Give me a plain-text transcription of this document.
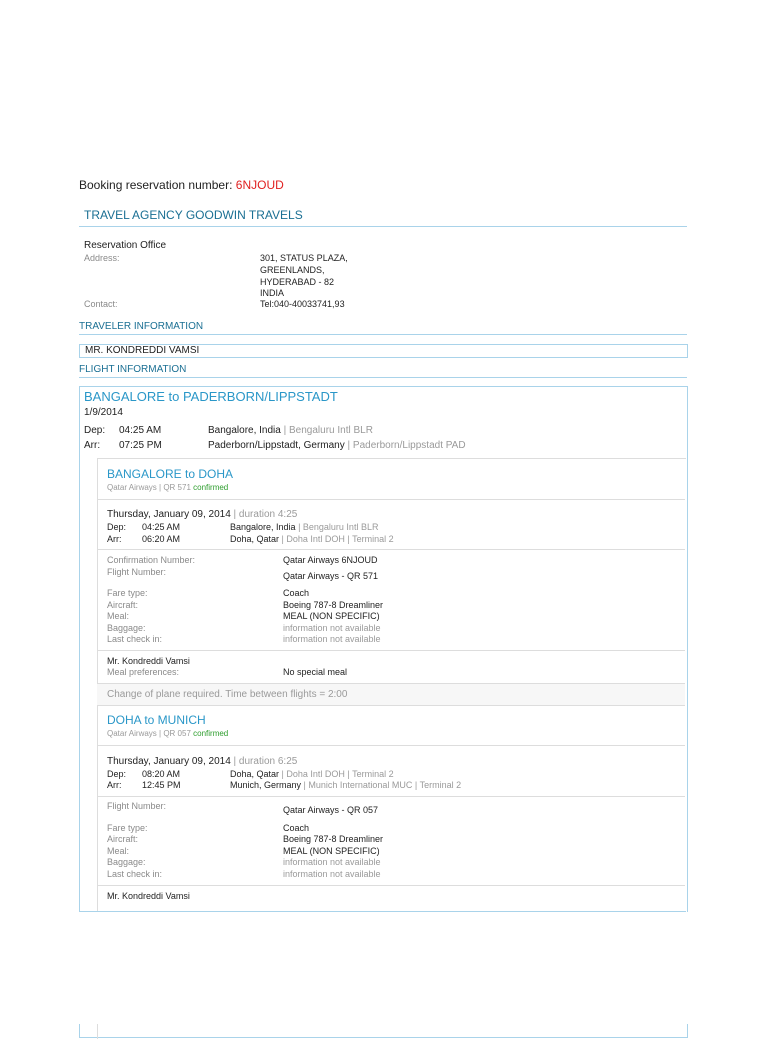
Booking reservation number: 6NJOUD
TRAVEL AGENCY GOODWIN TRAVELS
Reservation Office
Address:	301, STATUS PLAZA,
GREENLANDS,
HYDERABAD - 82
INDIA
Contact:	Tel:040-40033741,93
TRAVELER INFORMATION
MR. KONDREDDI VAMSI
FLIGHT INFORMATION
BANGALORE to PADERBORN/LIPPSTADT
1/9/2014
Dep: 04:25 AM	Bangalore, India | Bengaluru Intl BLR
Arr: 07:25 PM	Paderborn/Lippstadt, Germany | Paderborn/Lippstadt PAD
BANGALORE to DOHA
Qatar Airways | QR 571 confirmed
Thursday, January 09, 2014 | duration 4:25
Dep: 04:25 AM	Bangalore, India | Bengaluru Intl BLR
Arr: 06:20 AM	Doha, Qatar | Doha Intl DOH | Terminal 2
Confirmation Number:	Qatar Airways 6NJOUD
Flight Number:	Qatar Airways - QR 571
Fare type:	Coach
Aircraft:	Boeing 787-8 Dreamliner
Meal:	MEAL (NON SPECIFIC)
Baggage:	information not available
Last check in:	information not available
Mr. Kondreddi Vamsi
Meal preferences:	No special meal
Change of plane required. Time between flights = 2:00
DOHA to MUNICH
Qatar Airways | QR 057 confirmed
Thursday, January 09, 2014 | duration 6:25
Dep: 08:20 AM	Doha, Qatar | Doha Intl DOH | Terminal 2
Arr: 12:45 PM	Munich, Germany | Munich International MUC | Terminal 2
Flight Number:	Qatar Airways - QR 057
Fare type:	Coach
Aircraft:	Boeing 787-8 Dreamliner
Meal:	MEAL (NON SPECIFIC)
Baggage:	information not available
Last check in:	information not available
Mr. Kondreddi Vamsi
